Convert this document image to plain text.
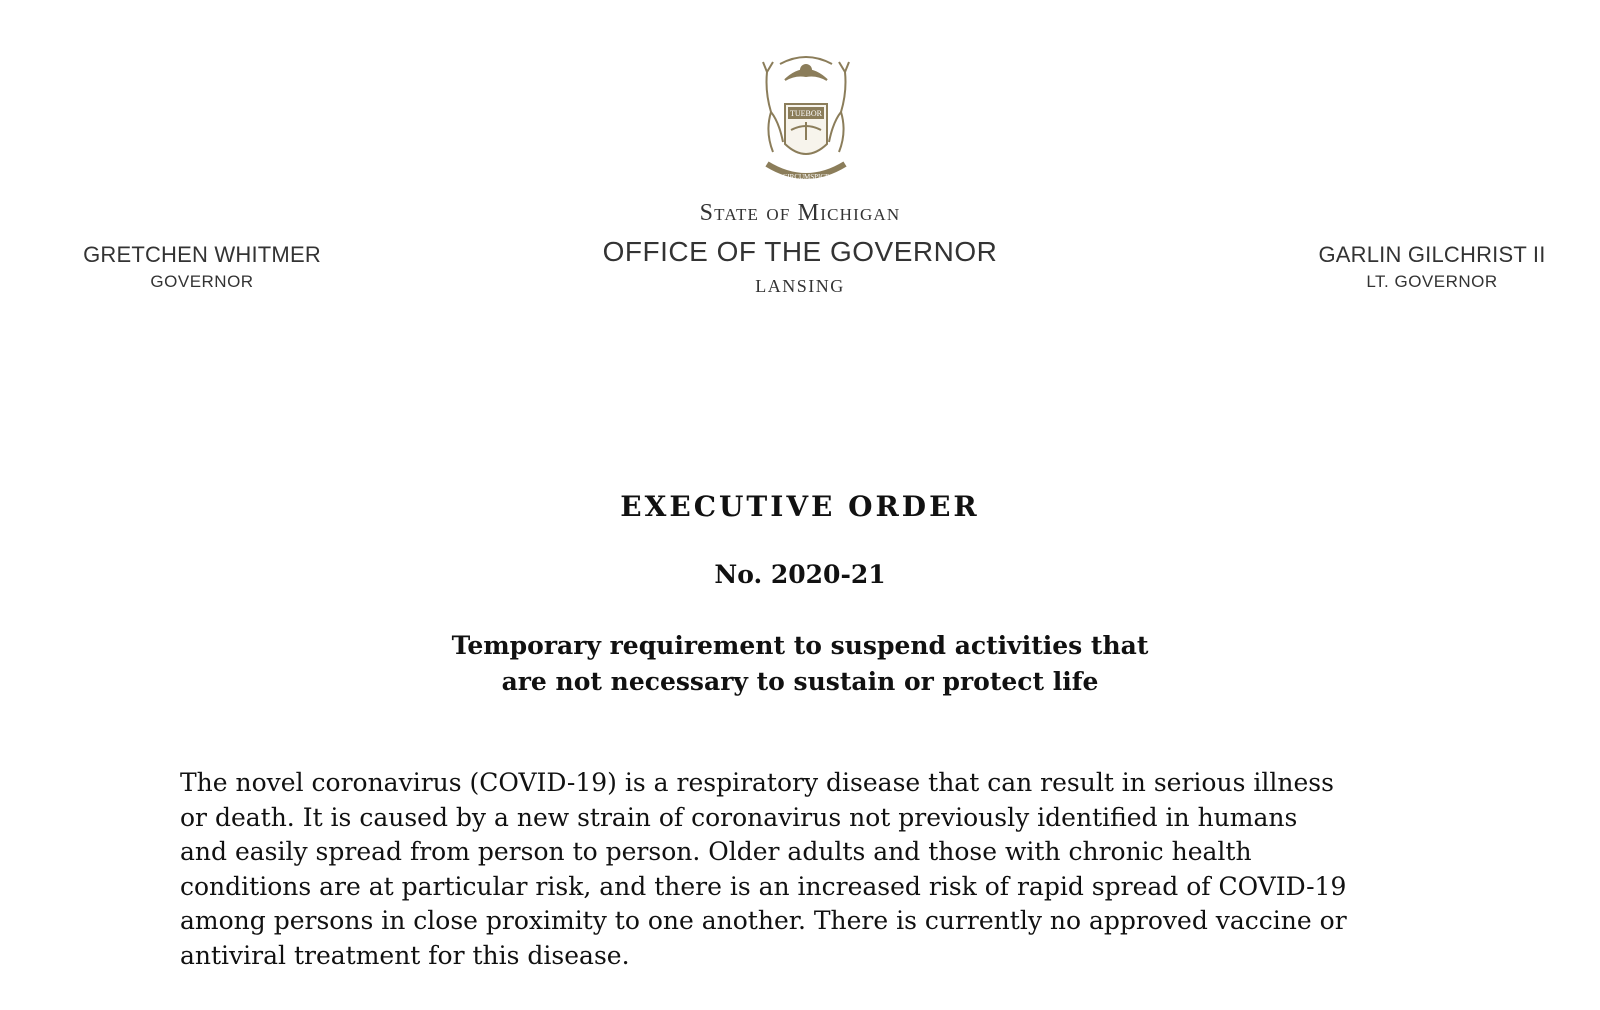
TUEBOR
CIRCUMSPICE
State of Michigan
OFFICE OF THE GOVERNOR
LANSING
GRETCHEN WHITMER
GOVERNOR
GARLIN GILCHRIST II
LT. GOVERNOR
EXECUTIVE ORDER
No. 2020-21
Temporary requirement to suspend activities that
are not necessary to sustain or protect life
The novel coronavirus (COVID-19) is a respiratory disease that can result in serious illness
or death. It is caused by a new strain of coronavirus not previously identified in humans
and easily spread from person to person. Older adults and those with chronic health
conditions are at particular risk, and there is an increased risk of rapid spread of COVID-19
among persons in close proximity to one another. There is currently no approved vaccine or
antiviral treatment for this disease.
